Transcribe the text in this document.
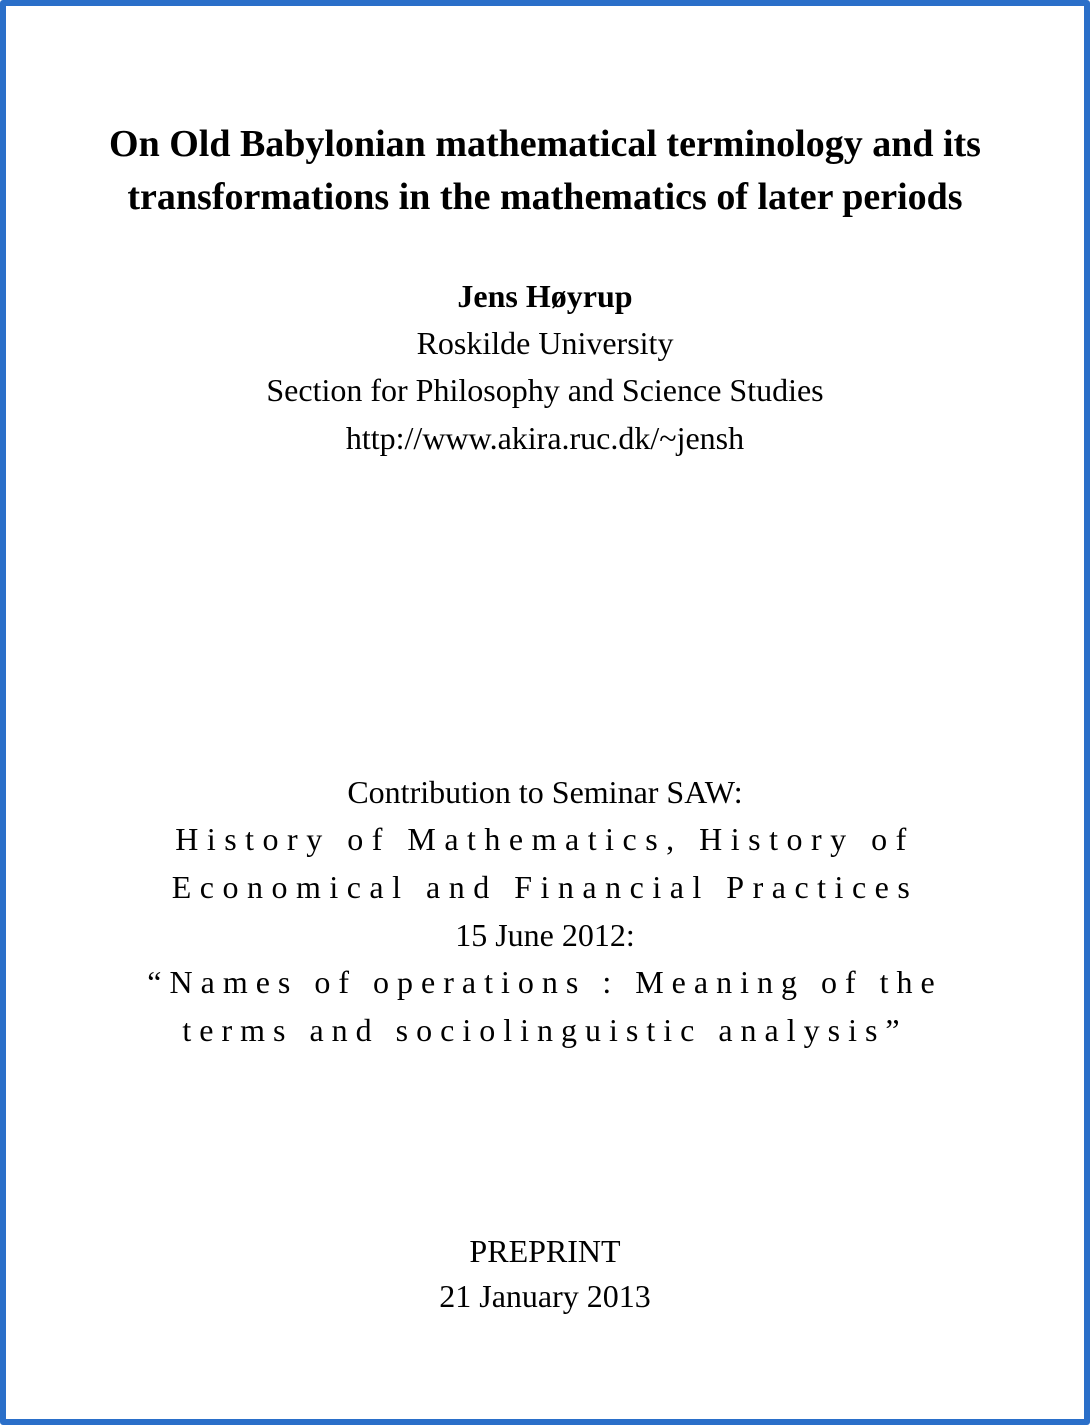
On Old Babylonian mathematical terminology and its
transformations in the mathematics of later periods
Jens Høyrup
Roskilde University
Section for Philosophy and Science Studies
http://www.akira.ruc.dk/~jensh
Contribution to Seminar SAW:
History of Mathematics, History of
Economical and Financial Practices
15 June 2012:
“Names of operations : Meaning of the
terms and sociolinguistic analysis”
PREPRINT
21 January 2013
